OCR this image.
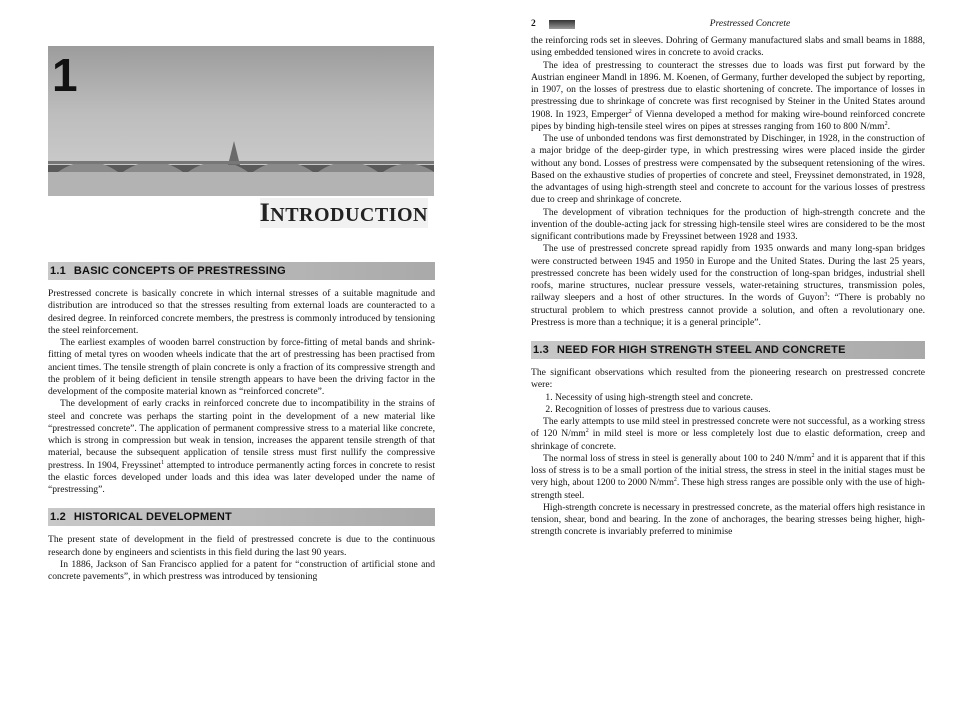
1
INTRODUCTION
1.1 BASIC CONCEPTS OF PRESTRESSING

Prestressed concrete is basically concrete in which internal stresses of a suitable magnitude and distribution are introduced so that the stresses resulting from external loads are counteracted to a desired degree. In reinforced concrete members, the prestress is commonly introduced by tensioning the steel reinforcement.

The earliest examples of wooden barrel construction by force-fitting of metal bands and shrink-fitting of metal tyres on wooden wheels indicate that the art of prestressing has been practised from ancient times. The tensile strength of plain concrete is only a fraction of its compressive strength and the problem of it being deficient in tensile strength appears to have been the driving factor in the development of the composite material known as “reinforced concrete”.

The development of early cracks in reinforced concrete due to incompatibility in the strains of steel and concrete was perhaps the starting point in the development of a new material like “prestressed concrete”. The application of permanent compressive stress to a material like concrete, which is strong in compression but weak in tension, increases the apparent tensile strength of that material, because the subsequent application of tensile stress must first nullify the compressive prestress. In 1904, Freyssinet$^1$ attempted to introduce permanently acting forces in concrete to resist the elastic forces developed under loads and this idea was later developed under the name of “prestressing”.

1.2 HISTORICAL DEVELOPMENT

The present state of development in the field of prestressed concrete is due to the continuous research done by engineers and scientists in this field during the last 90 years.

In 1886, Jackson of San Francisco applied for a patent for “construction of artificial stone and concrete pavements”, in which prestress was introduced by tensioning

2	Prestressed Concrete

the reinforcing rods set in sleeves. Dohring of Germany manufactured slabs and small beams in 1888, using embedded tensioned wires in concrete to avoid cracks.

The idea of prestressing to counteract the stresses due to loads was first put forward by the Austrian engineer Mandl in 1896. M. Koenen, of Germany, further developed the subject by reporting, in 1907, on the losses of prestress due to elastic shortening of concrete. The importance of losses in prestressing due to shrinkage of concrete was first recognised by Steiner in the United States around 1908. In 1923, Emperger$^2$ of Vienna developed a method for making wire-bound reinforced concrete pipes by binding high-tensile steel wires on pipes at stresses ranging from 160 to 800 $N/mm^2$.

The use of unbonded tendons was first demonstrated by Dischinger, in 1928, in the construction of a major bridge of the deep-girder type, in which prestressing wires were placed inside the girder without any bond. Losses of prestress were compensated by the subsequent retensioning of the wires. Based on the exhaustive studies of properties of concrete and steel, Freyssinet demonstrated, in 1928, the advantages of using high-strength steel and concrete to account for the various losses of prestress due to creep and shrinkage of concrete.

The development of vibration techniques for the production of high-strength concrete and the invention of the double-acting jack for stressing high-tensile steel wires are considered to be the most significant contributions made by Freyssinet between 1928 and 1933.

The use of prestressed concrete spread rapidly from 1935 onwards and many long-span bridges were constructed between 1945 and 1950 in Europe and the United States. During the last 25 years, prestressed concrete has been widely used for the construction of long-span bridges, industrial shell roofs, marine structures, nuclear pressure vessels, water-retaining structures, transmission poles, railway sleepers and a host of other structures. In the words of Guyon$^3$: “There is probably no structural problem to which prestress cannot provide a solution, and often a revolutionary one. Prestress is more than a technique; it is a general principle”.

1.3 NEED FOR HIGH STRENGTH STEEL AND CONCRETE

The significant observations which resulted from the pioneering research on prestressed concrete were:

1. Necessity of using high-strength steel and concrete.
2. Recognition of losses of prestress due to various causes.

The early attempts to use mild steel in prestressed concrete were not successful, as a working stress of 120 $N/mm^2$ in mild steel is more or less completely lost due to elastic deformation, creep and shrinkage of concrete.

The normal loss of stress in steel is generally about 100 to 240 $N/mm^2$ and it is apparent that if this loss of stress is to be a small portion of the initial stress, the stress in steel in the initial stages must be very high, about 1200 to 2000 $N/mm^2$. These high stress ranges are possible only with the use of high-strength steel.

High-strength concrete is necessary in prestressed concrete, as the material offers high resistance in tension, shear, bond and bearing. In the zone of anchorages, the bearing stresses being higher, high-strength concrete is invariably preferred to minimise
